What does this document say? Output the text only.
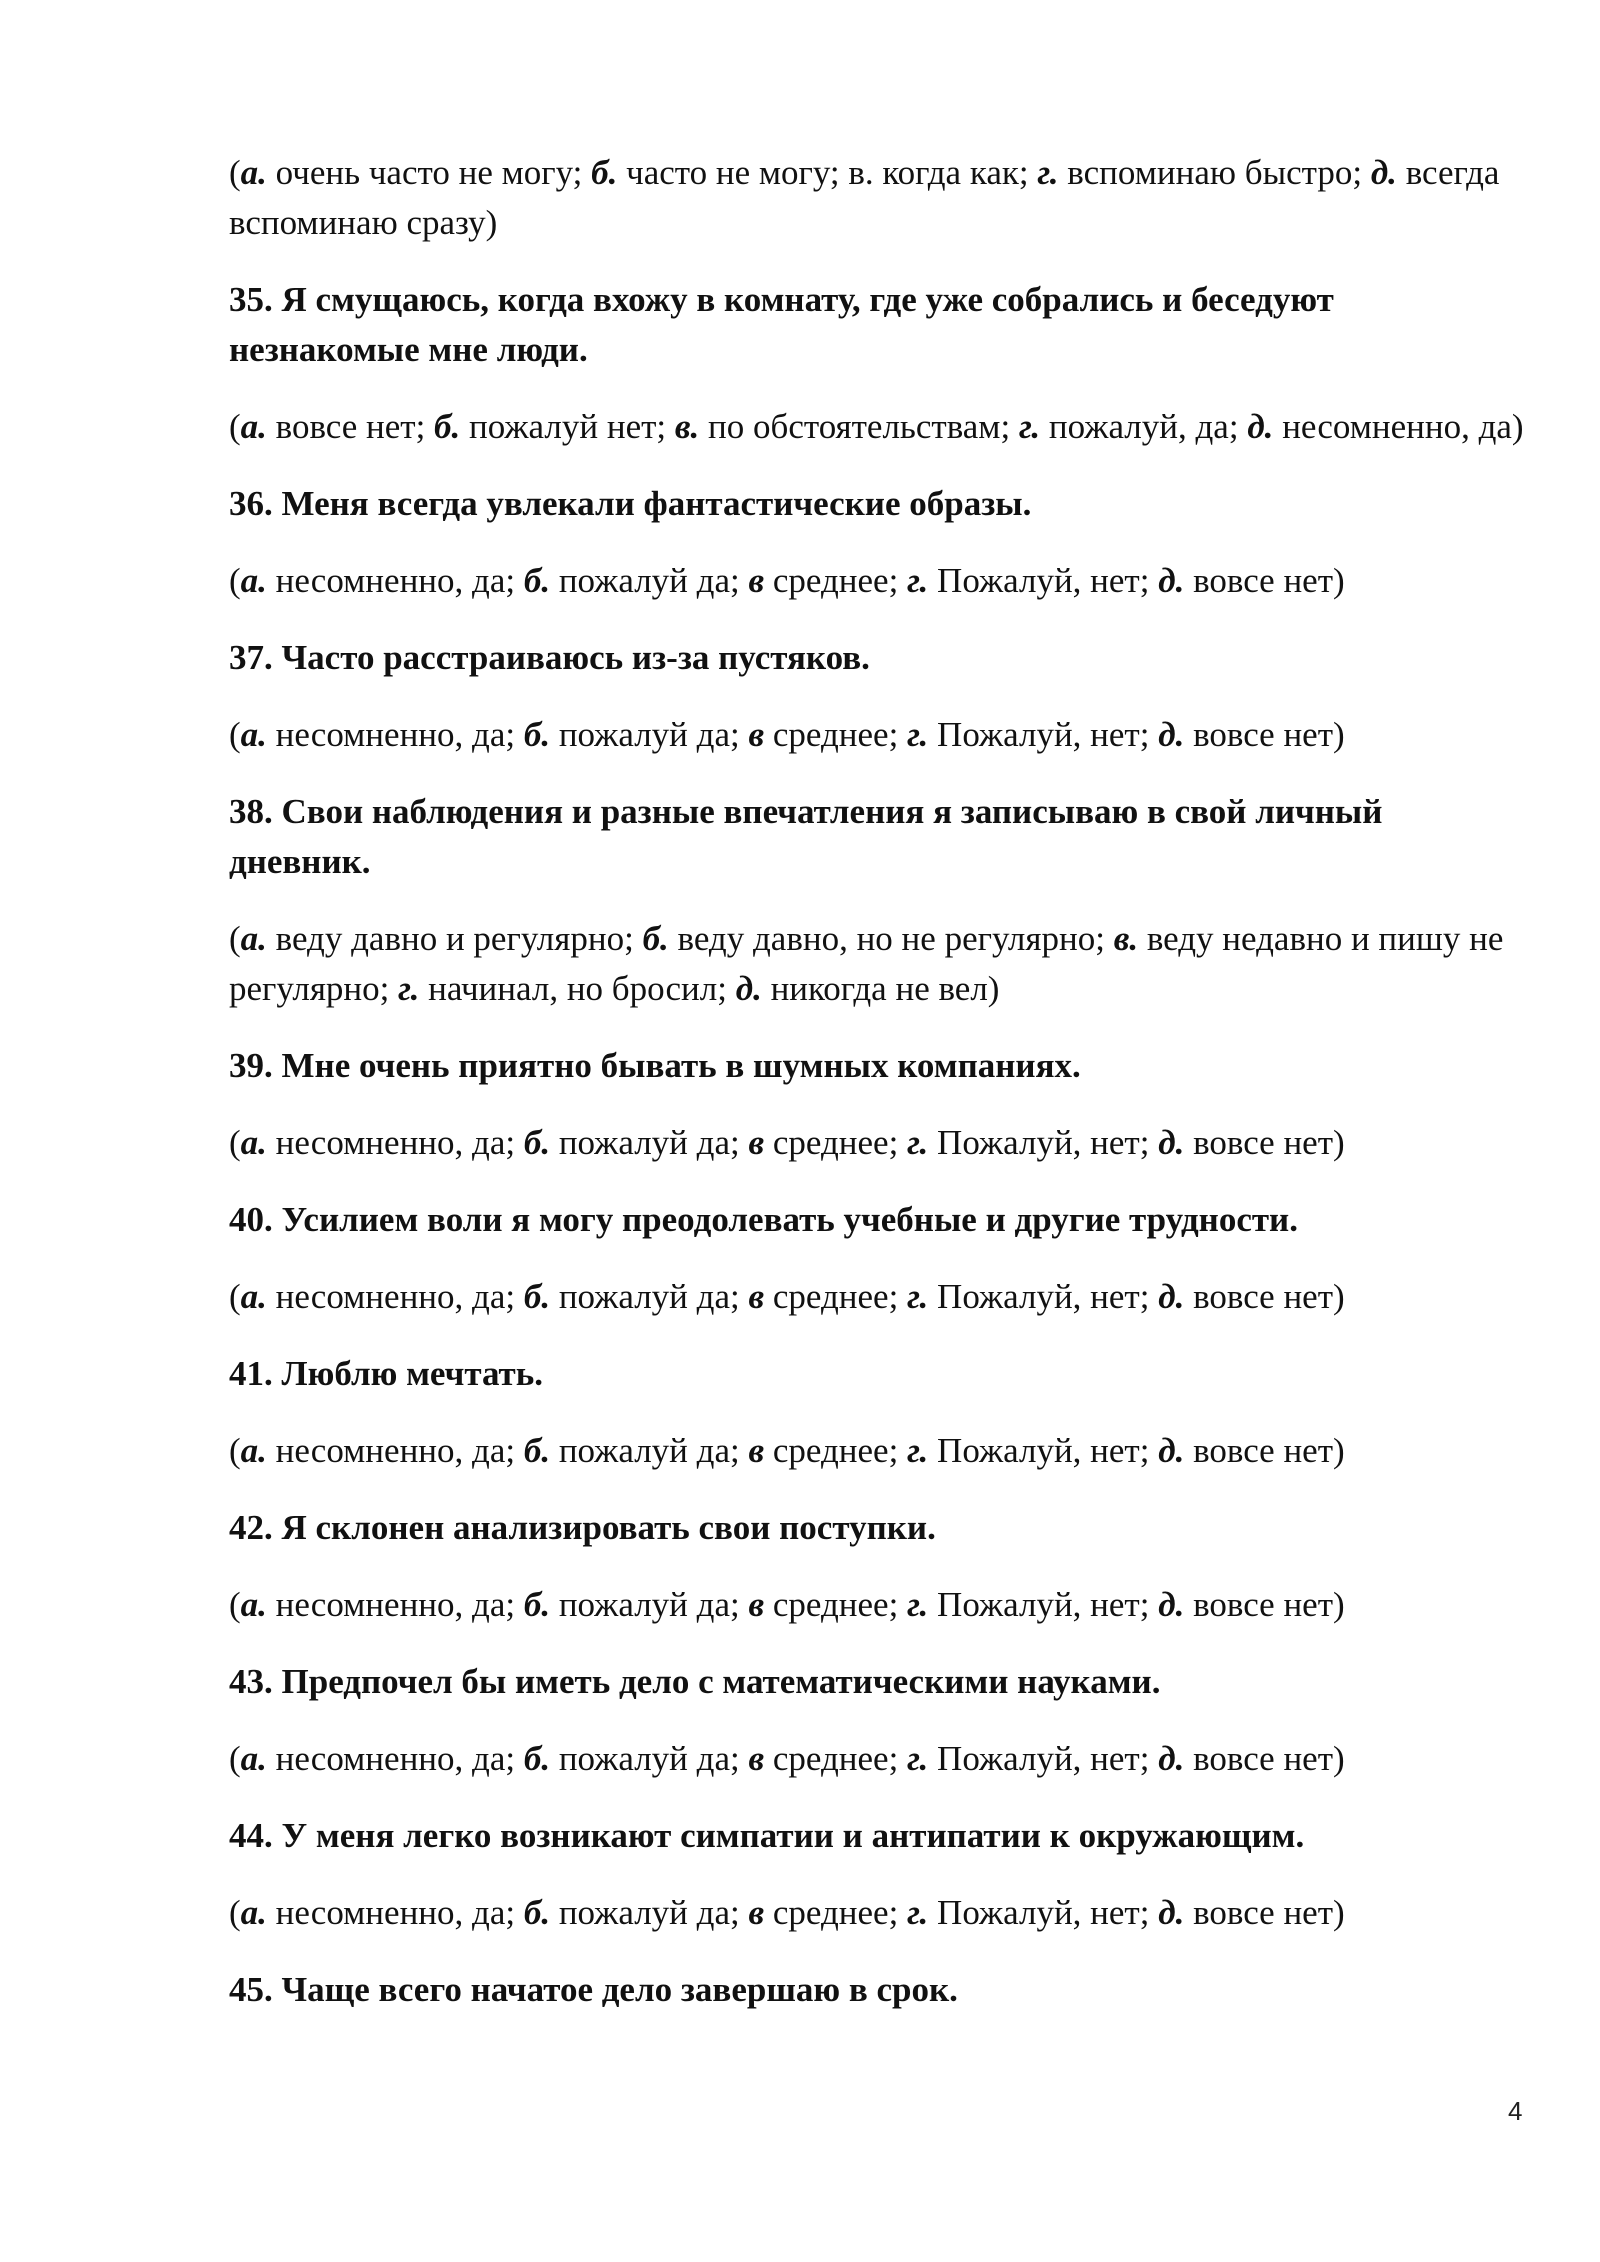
(а. очень часто не могу; б. часто не могу; в. когда как; г. вспоминаю быстро; д. всегда вспоминаю сразу)

35. Я смущаюсь, когда вхожу в комнату, где уже собрались и беседуют незнакомые мне люди.

(а. вовсе нет; б. пожалуй нет; в. по обстоятельствам; г. пожалуй, да; д. несомненно, да)

36. Меня всегда увлекали фантастические образы.

(а. несомненно, да; б. пожалуй да; в среднее; г. Пожалуй, нет; д. вовсе нет)

37. Часто расстраиваюсь из-за пустяков.

(а. несомненно, да; б. пожалуй да; в среднее; г. Пожалуй, нет; д. вовсе нет)

38. Свои наблюдения и разные впечатления я записываю в свой личный дневник.

(а. веду давно и регулярно; б. веду давно, но не регулярно; в. веду недавно и пишу не регулярно; г. начинал, но бросил; д. никогда не вел)

39. Мне очень приятно бывать в шумных компаниях.

(а. несомненно, да; б. пожалуй да; в среднее; г. Пожалуй, нет; д. вовсе нет)

40. Усилием воли я могу преодолевать учебные и другие трудности.

(а. несомненно, да; б. пожалуй да; в среднее; г. Пожалуй, нет; д. вовсе нет)

41. Люблю мечтать.

(а. несомненно, да; б. пожалуй да; в среднее; г. Пожалуй, нет; д. вовсе нет)

42. Я склонен анализировать свои поступки.

(а. несомненно, да; б. пожалуй да; в среднее; г. Пожалуй, нет; д. вовсе нет)

43. Предпочел бы иметь дело с математическими науками.

(а. несомненно, да; б. пожалуй да; в среднее; г. Пожалуй, нет; д. вовсе нет)

44. У меня легко возникают симпатии и антипатии к окружающим.

(а. несомненно, да; б. пожалуй да; в среднее; г. Пожалуй, нет; д. вовсе нет)

45. Чаще всего начатое дело завершаю в срок.

4
